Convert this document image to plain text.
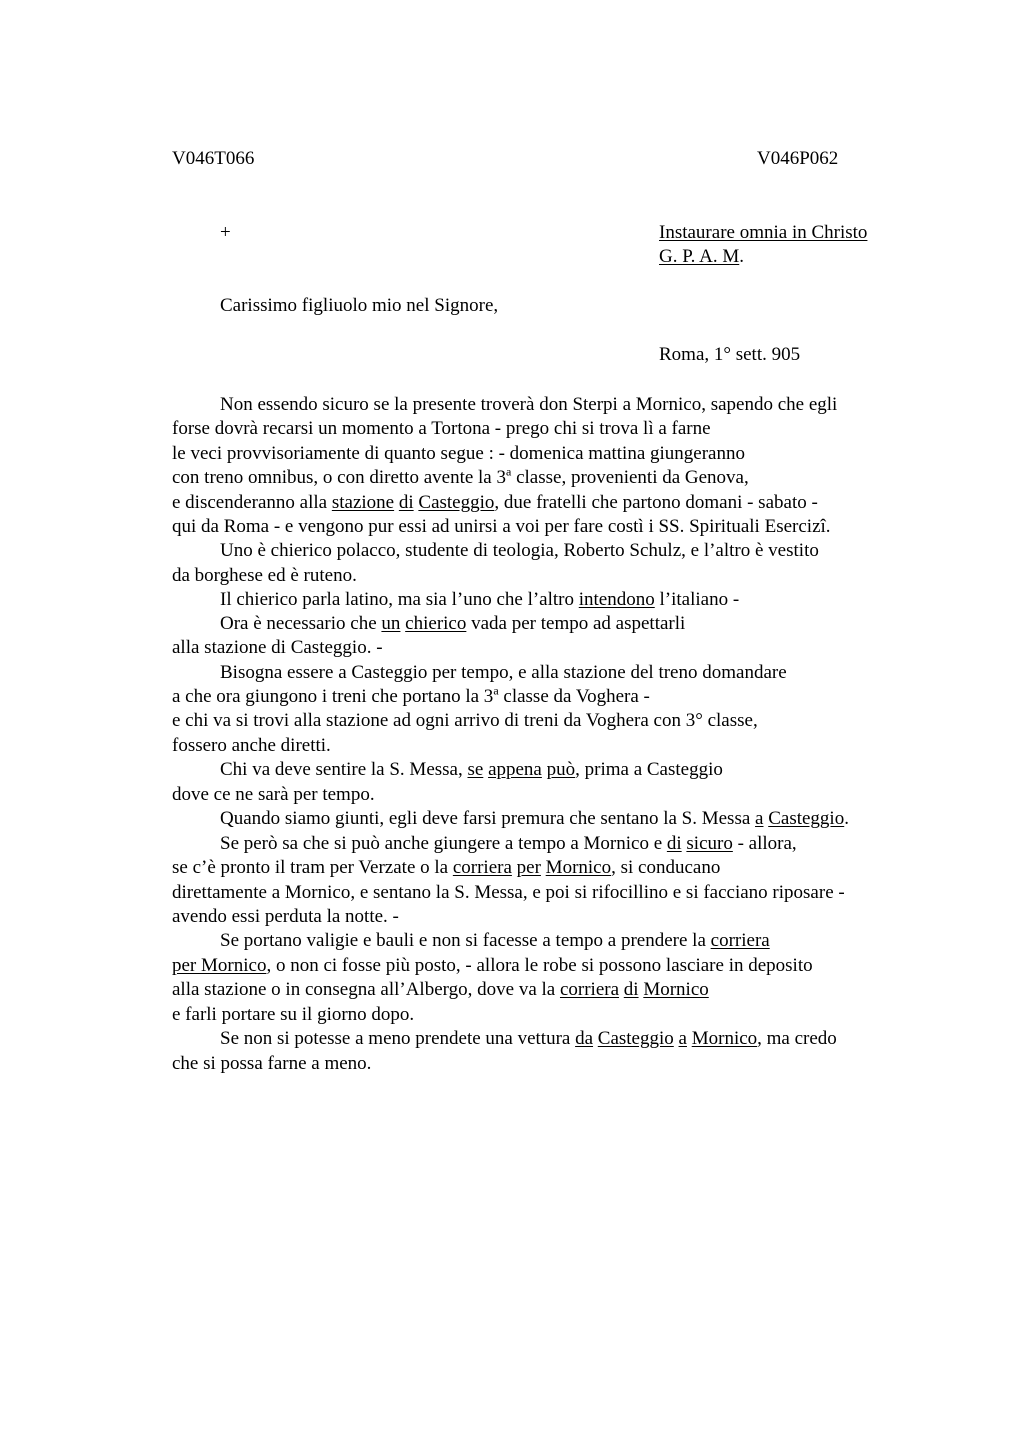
V046T066	V046P062
+	Instaurare omnia in Christo
G. P. A. M.
Carissimo figliuolo mio nel Signore,
Roma, 1° sett. 905
Non essendo sicuro se la presente troverà don Sterpi a Mornico, sapendo che egli
forse dovrà recarsi un momento a Tortona - prego chi si trova lì a farne
le veci provvisoriamente di quanto segue : - domenica mattina giungeranno
con treno omnibus, o con diretto avente la 3$^a$ classe, provenienti da Genova,
e discenderanno alla stazione di Casteggio, due fratelli che partono domani - sabato -
qui da Roma - e vengono pur essi ad unirsi a voi per fare costì i SS. Spirituali Esercizî.
Uno è chierico polacco, studente di teologia, Roberto Schulz, e l’altro è vestito
da borghese ed è ruteno.
Il chierico parla latino, ma sia l’uno che l’altro intendono l’italiano -
Ora è necessario che un chierico vada per tempo ad aspettarli
alla stazione di Casteggio. -
Bisogna essere a Casteggio per tempo, e alla stazione del treno domandare
a che ora giungono i treni che portano la 3$^a$ classe da Voghera -
e chi va si trovi alla stazione ad ogni arrivo di treni da Voghera con 3° classe,
fossero anche diretti.
Chi va deve sentire la S. Messa, se appena può, prima a Casteggio
dove ce ne sarà per tempo.
Quando siamo giunti, egli deve farsi premura che sentano la S. Messa a Casteggio.
Se però sa che si può anche giungere a tempo a Mornico e di sicuro - allora,
se c’è pronto il tram per Verzate o la corriera per Mornico, si conducano
direttamente a Mornico, e sentano la S. Messa, e poi si rifocillino e si facciano riposare -
avendo essi perduta la notte. -
Se portano valigie e bauli e non si facesse a tempo a prendere la corriera
per Mornico, o non ci fosse più posto, - allora le robe si possono lasciare in deposito
alla stazione o in consegna all’Albergo, dove va la corriera di Mornico
e farli portare su il giorno dopo.
Se non si potesse a meno prendete una vettura da Casteggio a Mornico, ma credo
che si possa farne a meno.
